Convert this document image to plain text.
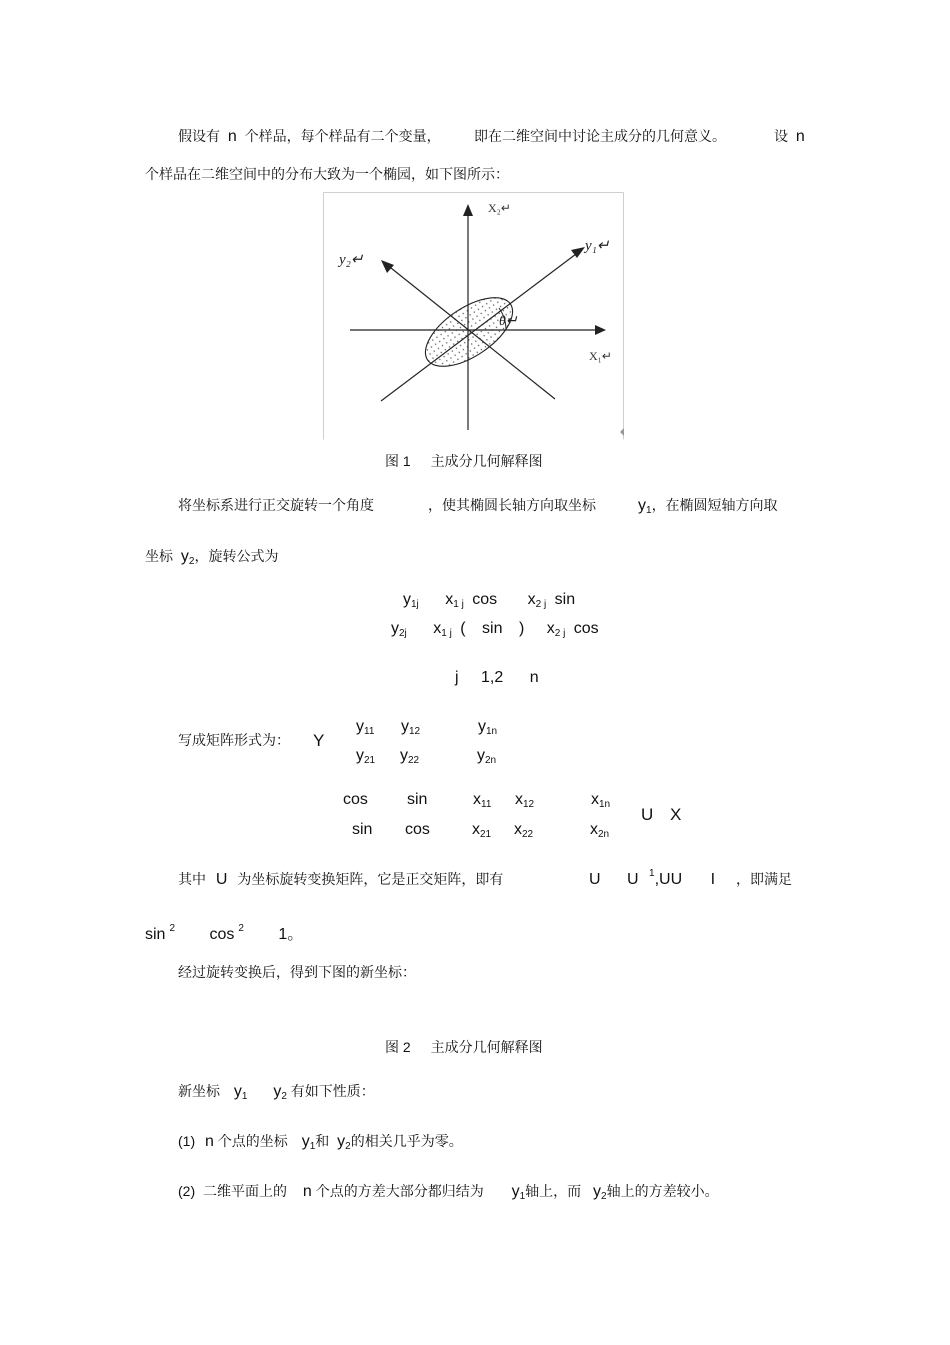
假设有 n 个样品，每个样品有二个变量， 即在二维空间中讨论主成分的几何意义。	设 n
个样品在二维空间中的分布大致为一个椭园，如下图所示：
X₂↵
y₁↵
y₂↵
X₁↵
θ↵
图 1 主成分几何解释图
将坐标系进行正交旋转一个角度	，使其椭圆长轴方向取坐标	$y_1$，在椭圆短轴方向取
坐标 $y_2$，旋转公式为
$y_{1j}$ $x_{1 j}$ $\cos x_{2 j}$ sin
$y_{2j}$ $x_{1 j}$ ( sin ) $x_{2 j}$ cos
j 1,2 n
写成矩阵形式为： Y
$y_{11}$ $y_{12}$	$y_{1n}$
$y_{21}$ $y_{22}$	$y_{2n}$
cos sin
sin cos
$x_{11}$ $x_{12}$	$x_{1n}$
$x_{21}$ $x_{22}$	$x_{2n}$
U X
其中 U 为坐标旋转变换矩阵，它是正交矩阵，即有	U U $^1$,UU I ，即满足
sin $^2$ cos $^2$ 1。
经过旋转变换后，得到下图的新坐标：
图 2 主成分几何解释图
新坐标 $y_1$ $y_2$ 有如下性质：
(1) n 个点的坐标 $y_1$和 $y_2$的相关几乎为零。
(2) 二维平面上的 n 个点的方差大部分都归结为 $y_1$轴上，而 $y_2$轴上的方差较小。
